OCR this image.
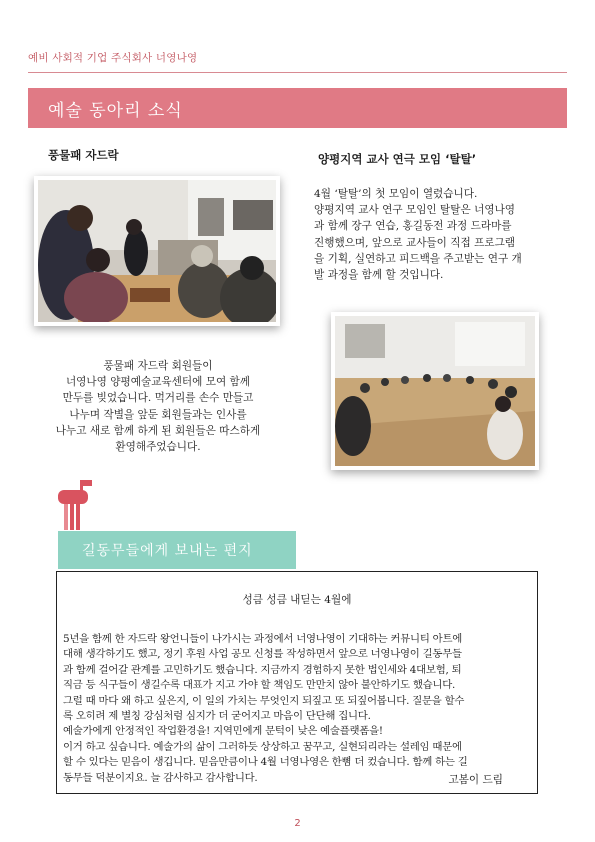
예비 사회적 기업 주식회사 너영나영
예술 동아리 소식
풍물패 자드락	양평지역 교사 연극 모임 ‘탈탈’
풍물패 자드락 회원들이
너영나영 양평예술교육센터에 모여 함께
만두를 빚었습니다. 먹거리를 손수 만들고
나누며 작별을 앞둔 회원들과는 인사를
나누고 새로 함께 하게 된 회원들은 따스하게
환영해주었습니다.
4월 ‘탈탈’의 첫 모임이 열렸습니다.
양평지역 교사 연구 모임인 탈탈은 너영나영
과 함께 장구 연습, 홍길동전 과정 드라마를
진행했으며, 앞으로 교사들이 직접 프로그램
을 기획, 실연하고 피드백을 주고받는 연구 개
발 과정을 함께 할 것입니다.
길동무들에게 보내는 편지
성큼 성큼 내딛는 4월에
5년을 함께 한 자드락 왕언니들이 나가시는 과정에서 너영나영이 기대하는 커뮤니티 아트에
대해 생각하기도 했고, 정기 후원 사업 공모 신청를 작성하면서 앞으로 너영나영이 길동무들
과 함께 걸어갈 관계를 고민하기도 했습니다. 지금까지 경험하지 못한 법인세와 4대보험, 퇴
직금 등 식구들이 생길수록 대표가 지고 가야 할 책임도 만만치 않아 불안하기도 했습니다.
그럴 때 마다 왜 하고 싶은지, 이 일의 가치는 무엇인지 되짚고 또 되짚어봅니다. 질문을 할수
록 오히려 제 별칭 강심처럼 심지가 더 굳어지고 마음이 단단해 집니다.
예술가에게 안정적인 작업환경을! 지역민에게 문턱이 낮은 예술플랫폼을!
이거 하고 싶습니다. 예술가의 삶이 그러하듯 상상하고 꿈꾸고, 실현되리라는 설레임 때문에
할 수 있다는 믿음이 생깁니다. 믿음만큼이나 4월 너영나영은 한뼘 더 컸습니다. 함께 하는 길
동무들 덕분이지요. 늘 감사하고 감사합니다.	고봄이 드림
2
